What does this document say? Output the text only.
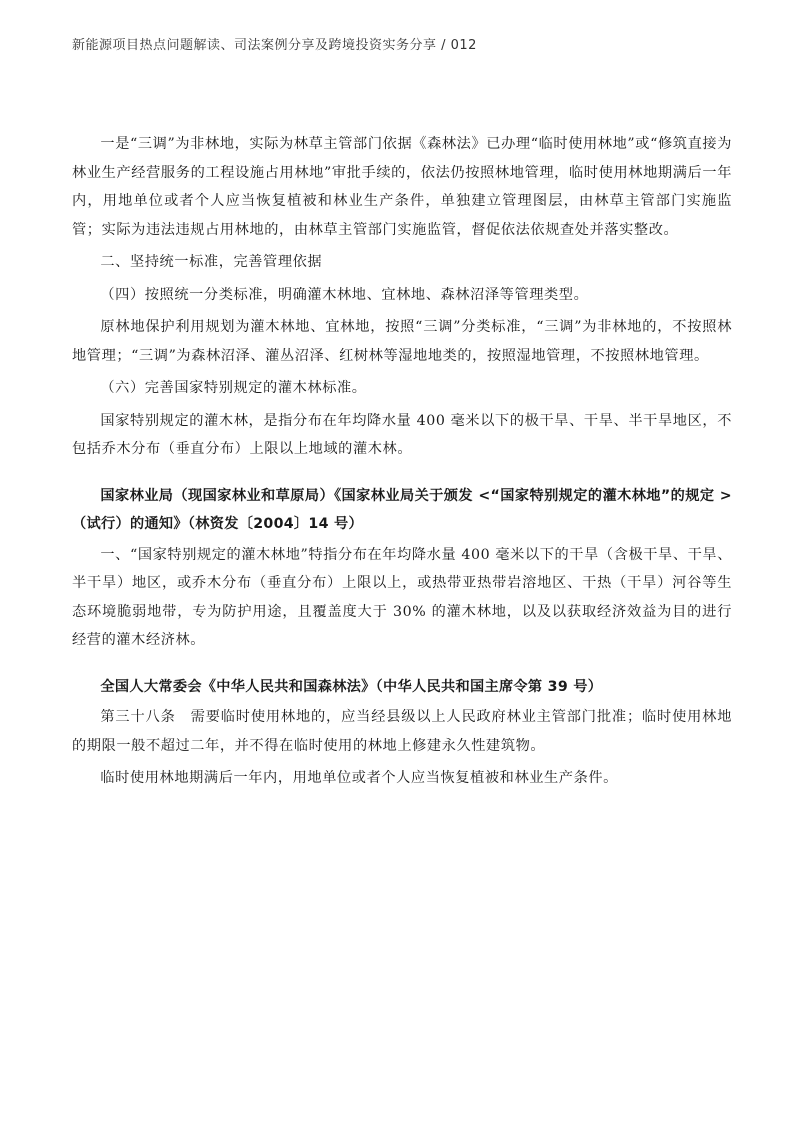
新能源项目热点问题解读、司法案例分享及跨境投资实务分享 / 012

一是“三调”为非林地，实际为林草主管部门依据《森林法》已办理“临时使用林地”或“修筑直接为林业生产经营服务的工程设施占用林地”审批手续的，依法仍按照林地管理，临时使用林地期满后一年内，用地单位或者个人应当恢复植被和林业生产条件，单独建立管理图层，由林草主管部门实施监管；实际为违法违规占用林地的，由林草主管部门实施监管，督促依法依规查处并落实整改。

二、坚持统一标准，完善管理依据

（四）按照统一分类标准，明确灌木林地、宜林地、森林沼泽等管理类型。

原林地保护利用规划为灌木林地、宜林地，按照“三调”分类标准，“三调”为非林地的，不按照林地管理；“三调”为森林沼泽、灌丛沼泽、红树林等湿地地类的，按照湿地管理，不按照林地管理。

（六）完善国家特别规定的灌木林标准。

国家特别规定的灌木林，是指分布在年均降水量 400 毫米以下的极干旱、干旱、半干旱地区，不包括乔木分布（垂直分布）上限以上地域的灌木林。

国家林业局（现国家林业和草原局）《国家林业局关于颁发 <“国家特别规定的灌木林地”的规定 >（试行）的通知》（林资发〔2004〕14 号）

一、“国家特别规定的灌木林地”特指分布在年均降水量 400 毫米以下的干旱（含极干旱、干旱、半干旱）地区，或乔木分布（垂直分布）上限以上，或热带亚热带岩溶地区、干热（干旱）河谷等生态环境脆弱地带，专为防护用途，且覆盖度大于 30% 的灌木林地，以及以获取经济效益为目的进行经营的灌木经济林。

全国人大常委会《中华人民共和国森林法》（中华人民共和国主席令第 39 号）

第三十八条　需要临时使用林地的，应当经县级以上人民政府林业主管部门批准；临时使用林地的期限一般不超过二年，并不得在临时使用的林地上修建永久性建筑物。

临时使用林地期满后一年内，用地单位或者个人应当恢复植被和林业生产条件。
